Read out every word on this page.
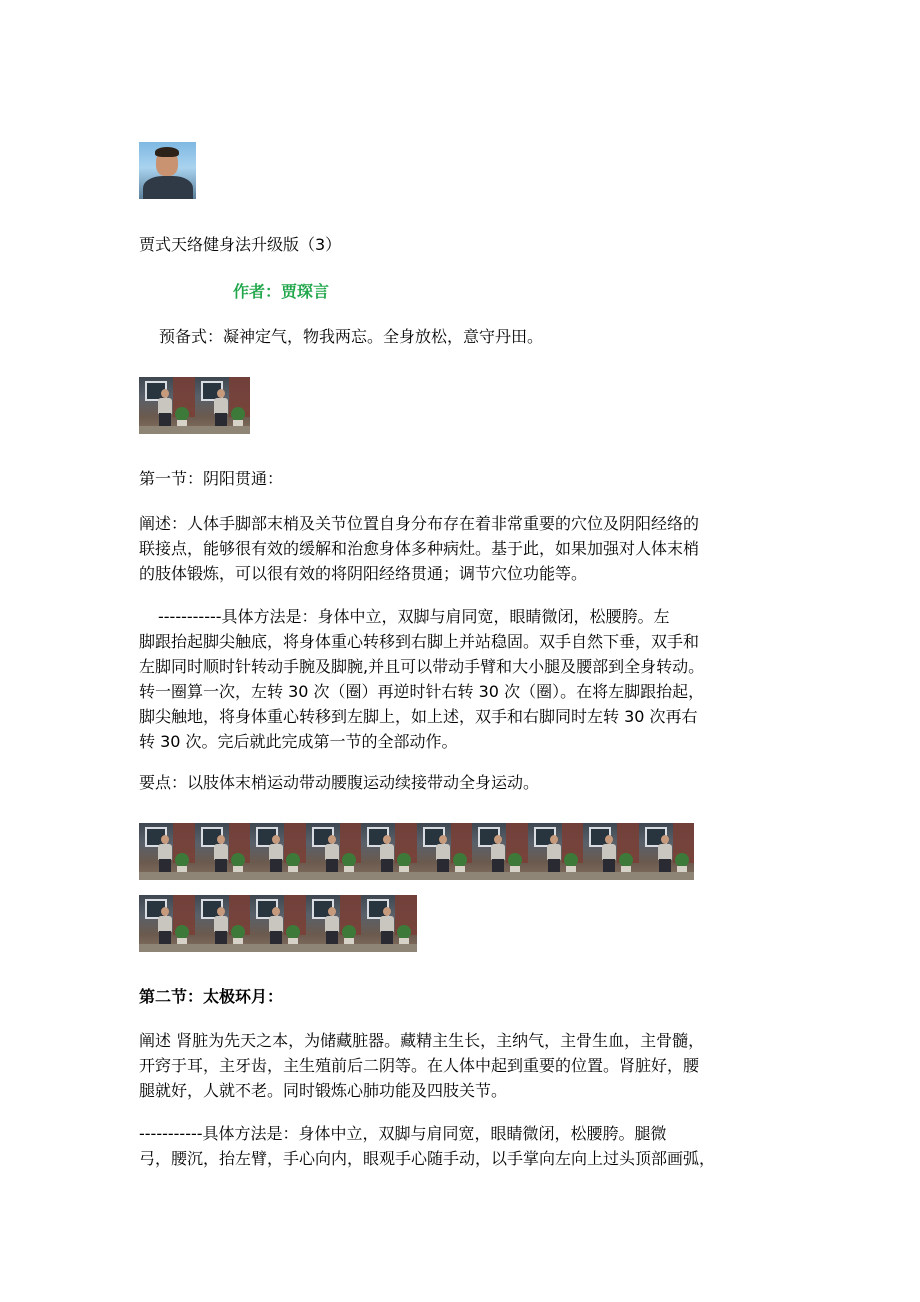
贾式天络健身法升级版（3）
作者：贾琛言
预备式：凝神定气，物我两忘。全身放松，意守丹田。
第一节：阴阳贯通：
阐述：人体手脚部末梢及关节位置自身分布存在着非常重要的穴位及阴阳经络的
联接点，能够很有效的缓解和治愈身体多种病灶。基于此，如果加强对人体末梢
的肢体锻炼，可以很有效的将阴阳经络贯通；调节穴位功能等。
-----------具体方法是：身体中立，双脚与肩同宽，眼睛微闭，松腰胯。左
脚跟抬起脚尖触底，将身体重心转移到右脚上并站稳固。双手自然下垂，双手和
左脚同时顺时针转动手腕及脚腕,并且可以带动手臂和大小腿及腰部到全身转动。
转一圈算一次，左转 30 次（圈）再逆时针右转 30 次（圈）。在将左脚跟抬起，
脚尖触地，将身体重心转移到左脚上，如上述，双手和右脚同时左转 30 次再右
转 30 次。完后就此完成第一节的全部动作。
要点：以肢体末梢运动带动腰腹运动续接带动全身运动。
第二节：太极环月：
阐述 肾脏为先天之本，为储藏脏器。藏精主生长，主纳气，主骨生血，主骨髓，
开窍于耳，主牙齿，主生殖前后二阴等。在人体中起到重要的位置。肾脏好，腰
腿就好，人就不老。同时锻炼心肺功能及四肢关节。
-----------具体方法是：身体中立，双脚与肩同宽，眼睛微闭，松腰胯。腿微
弓，腰沉，抬左臂，手心向内，眼观手心随手动，以手掌向左向上过头顶部画弧，
